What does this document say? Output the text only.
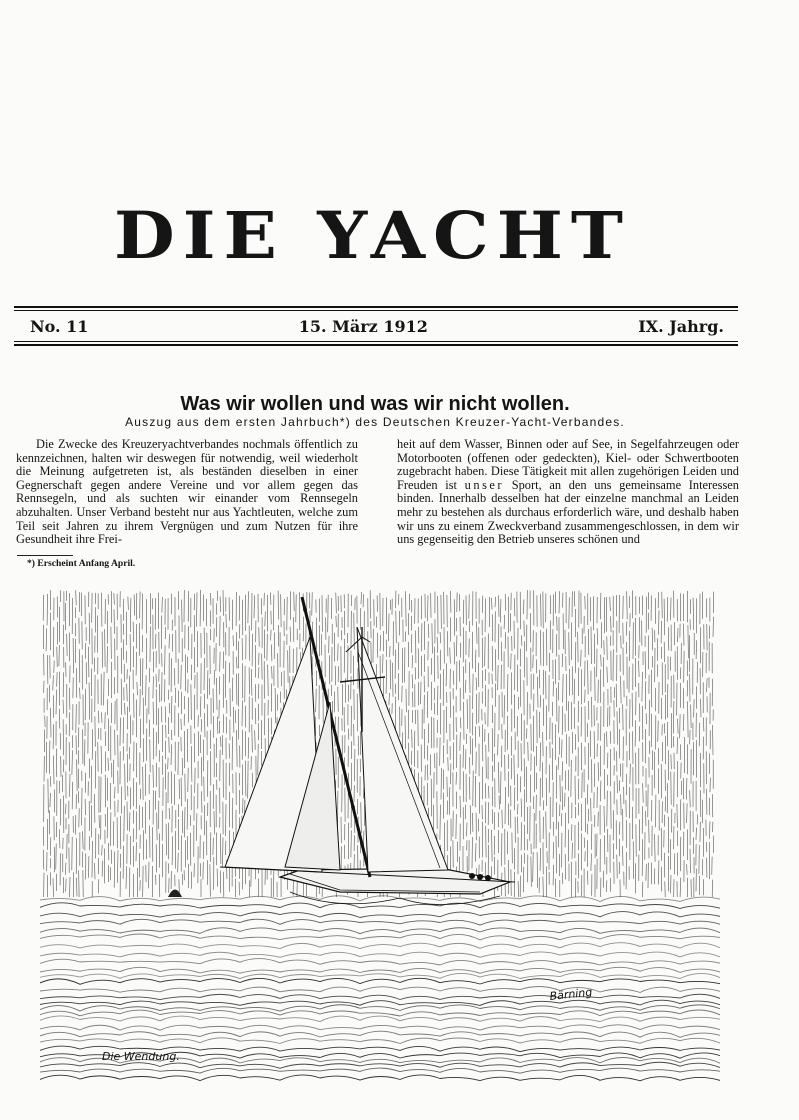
DIE YACHT
No. 11	15. März 1912	IX. Jahrg.
Was wir wollen und was wir nicht wollen.
Auszug aus dem ersten Jahrbuch*) des Deutschen Kreuzer-Yacht-Verbandes.

Die Zwecke des Kreuzeryachtverbandes nochmals öffentlich zu kennzeichnen, halten wir deswegen für notwendig, weil wiederholt die Meinung aufgetreten ist, als beständen dieselben in einer Gegnerschaft gegen andere Vereine und vor allem gegen das Rennsegeln, und als suchten wir einander vom Rennsegeln abzuhalten. Unser Verband besteht nur aus Yachtleuten, welche zum Teil seit Jahren zu ihrem Vergnügen und zum Nutzen für ihre Gesundheit ihre Frei-

heit auf dem Wasser, Binnen oder auf See, in Segelfahrzeugen oder Motorbooten (offenen oder gedeckten), Kiel- oder Schwertbooten zugebracht haben. Diese Tätigkeit mit allen zugehörigen Leiden und Freuden ist unser Sport, an den uns gemeinsame Interessen binden. Innerhalb desselben hat der einzelne manchmal an Leiden mehr zu bestehen als durchaus erforderlich wäre, und deshalb haben wir uns zu einem Zweckverband zusammengeschlossen, in dem wir uns gegenseitig den Betrieb unseres schönen und

*) Erscheint Anfang April.
Bärning
Die Wendung.
